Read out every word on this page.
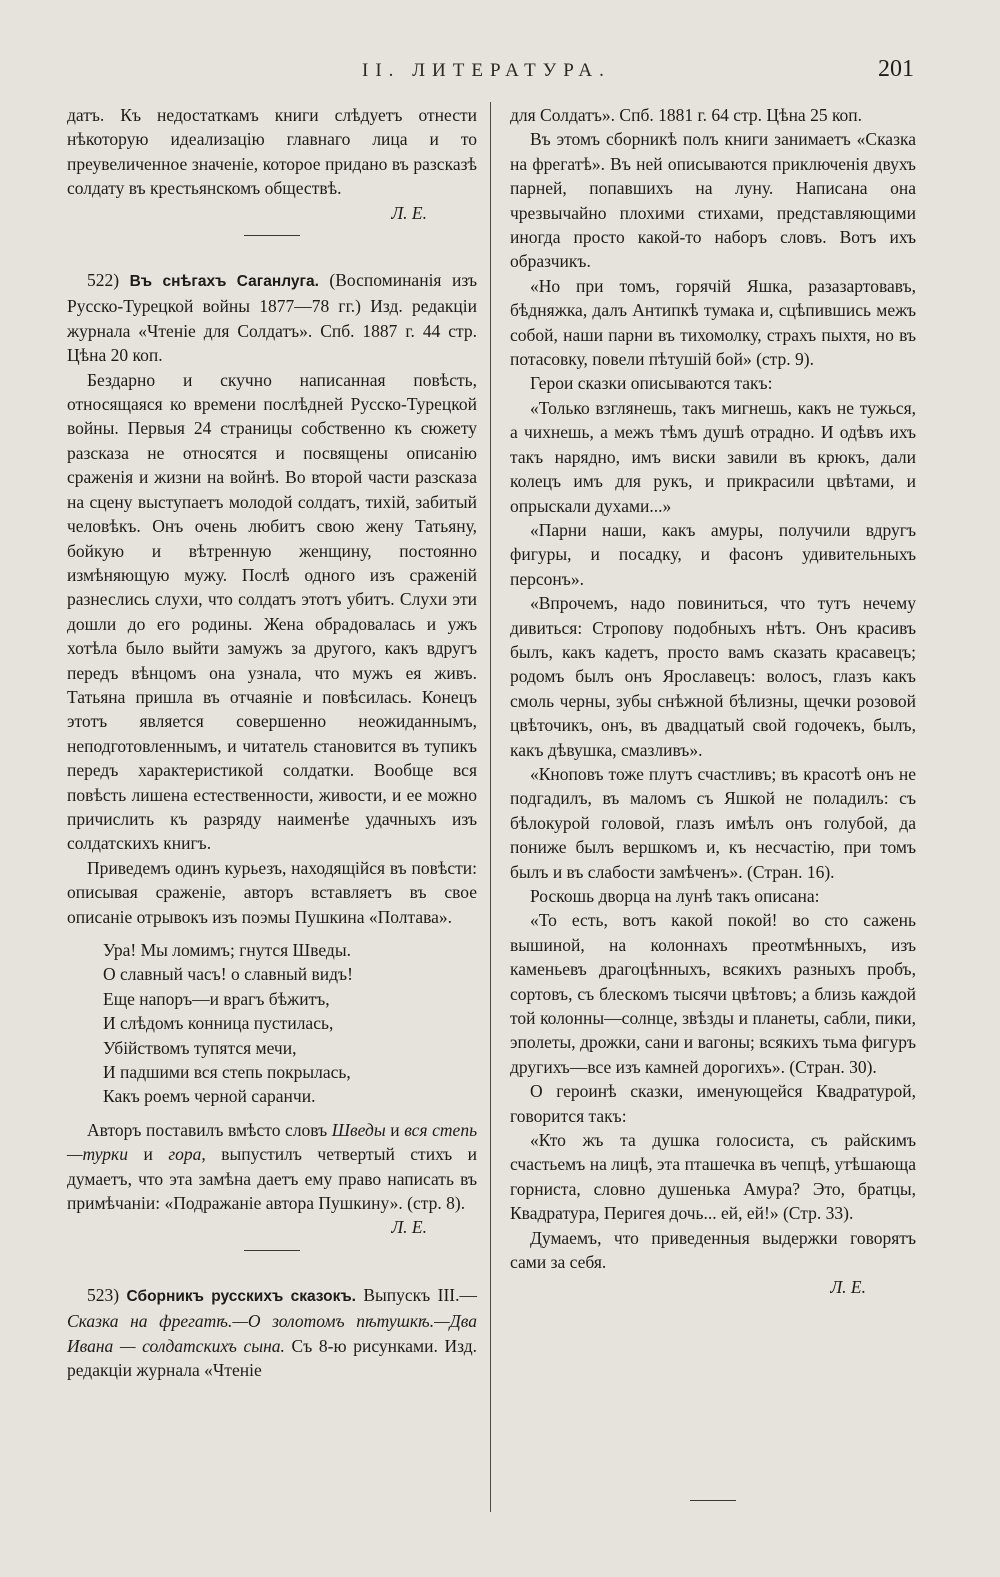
II. ЛИТЕРАТУРА.	201

датъ. Къ недостаткамъ книги слѣдуетъ отнести нѣкоторую идеализацію главнаго лица и то преувеличенное значеніе, которое придано въ разсказѣ солдату въ крестьянскомъ обществѣ.

Л. Е.

522) Въ снѣгахъ Саганлуга. (Воспоминанія изъ Русско-Турецкой войны 1877—78 гг.) Изд. редакціи журнала «Чтеніе для Солдатъ». Спб. 1887 г. 44 стр. Цѣна 20 коп.

Бездарно и скучно написанная повѣсть, относящаяся ко времени послѣдней Русско-Турецкой войны. Первыя 24 страницы собственно къ сюжету разсказа не относятся и посвящены описанію сраженія и жизни на войнѣ. Во второй части разсказа на сцену выступаетъ молодой солдатъ, тихій, забитый человѣкъ. Онъ очень любитъ свою жену Татьяну, бойкую и вѣтренную женщину, постоянно измѣняющую мужу. Послѣ одного изъ сраженій разнеслись слухи, что солдатъ этотъ убитъ. Слухи эти дошли до его родины. Жена обрадовалась и ужъ хотѣла было выйти замужъ за другого, какъ вдругъ передъ вѣнцомъ она узнала, что мужъ ея живъ. Татьяна пришла въ отчаяніе и повѣсилась. Конецъ этотъ является совершенно неожиданнымъ, неподготовленнымъ, и читатель становится въ тупикъ передъ характеристикой солдатки. Вообще вся повѣсть лишена естественности, живости, и ее можно причислить къ разряду наименѣе удачныхъ изъ солдатскихъ книгъ.

Приведемъ одинъ курьезъ, находящійся въ повѣсти: описывая сраженіе, авторъ вставляетъ въ свое описаніе отрывокъ изъ поэмы Пушкина «Полтава».

Ура! Мы ломимъ; гнутся Шведы.
О славный часъ! о славный видъ!
Еще напоръ—и врагъ бѣжитъ,
И слѣдомъ конница пустилась,
Убійствомъ тупятся мечи,
И падшими вся степь покрылась,
Какъ роемъ черной саранчи.

Авторъ поставилъ вмѣсто словъ Шведы и вся степь—турки и гора, выпустилъ четвертый стихъ и думаетъ, что эта замѣна даетъ ему право написать въ примѣчаніи: «Подражаніе автора Пушкину». (стр. 8).

Л. Е.

523) Сборникъ русскихъ сказокъ. Выпускъ III.— Сказка на фрегатѣ.—О золотомъ пѣтушкѣ.—Два Ивана — солдатскихъ сына. Съ 8-ю рисунками. Изд. редакціи журнала «Чтеніе

для Солдатъ». Спб. 1881 г. 64 стр. Цѣна 25 коп.

Въ этомъ сборникѣ полъ книги занимаетъ «Сказка на фрегатѣ». Въ ней описываются приключенія двухъ парней, попавшихъ на луну. Написана она чрезвычайно плохими стихами, представляющими иногда просто какой-то наборъ словъ. Вотъ ихъ образчикъ.

«Но при томъ, горячій Яшка, разазартовавъ, бѣдняжка, далъ Антипкѣ тумака и, сцѣпившись межъ собой, наши парни въ тихомолку, страхъ пыхтя, но въ потасовку, повели пѣтушій бой» (стр. 9).

Герои сказки описываются такъ:

«Только взглянешь, такъ мигнешь, какъ не тужься, а чихнешь, а межъ тѣмъ душѣ отрадно. И одѣвъ ихъ такъ нарядно, имъ виски завили въ крюкъ, дали колецъ имъ для рукъ, и прикрасили цвѣтами, и опрыскали духами...»

«Парни наши, какъ амуры, получили вдругъ фигуры, и посадку, и фасонъ удивительныхъ персонъ».

«Впрочемъ, надо повиниться, что тутъ нечему дивиться: Стропову подобныхъ нѣтъ. Онъ красивъ былъ, какъ кадетъ, просто вамъ сказать красавецъ; родомъ былъ онъ Ярославецъ: волосъ, глазъ какъ смоль черны, зубы снѣжной бѣлизны, щечки розовой цвѣточикъ, онъ, въ двадцатый свой годочекъ, былъ, какъ дѣвушка, смазливъ».

«Кноповъ тоже плутъ счастливъ; въ красотѣ онъ не подгадилъ, въ маломъ съ Яшкой не поладилъ: съ бѣлокурой головой, глазъ имѣлъ онъ голубой, да пониже былъ вершкомъ и, къ несчастію, при томъ былъ и въ слабости замѣченъ». (Стран. 16).

Роскошь дворца на лунѣ такъ описана:

«То есть, вотъ какой покой! во сто сажень вышиной, на колоннахъ преотмѣнныхъ, изъ каменьевъ драгоцѣнныхъ, всякихъ разныхъ пробъ, сортовъ, съ блескомъ тысячи цвѣтовъ; а близь каждой той колонны—солнце, звѣзды и планеты, сабли, пики, эполеты, дрожки, сани и вагоны; всякихъ тьма фигуръ другихъ—все изъ камней дорогихъ». (Стран. 30).

О героинѣ сказки, именующейся Квадратурой, говорится такъ:

«Кто жъ та душка голосиста, съ райскимъ счастьемъ на лицѣ, эта пташечка въ чепцѣ, утѣшающа горниста, словно душенька Амура? Это, братцы, Квадратура, Перигея дочь... ей, ей!» (Стр. 33).

Думаемъ, что приведенныя выдержки говорятъ сами за себя.

Л. Е.
